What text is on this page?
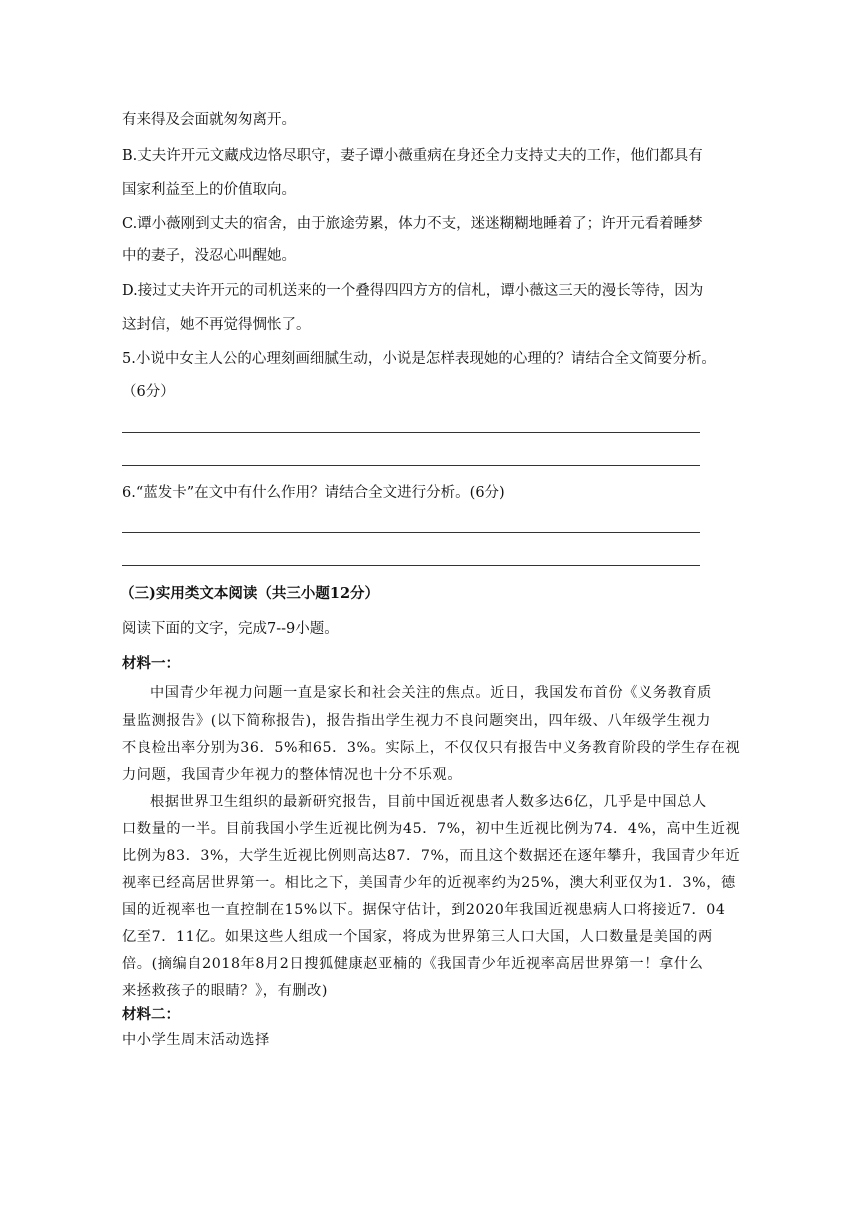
有来得及会面就匆匆离开。
B.丈夫许开元文藏戍边恪尽职守，妻子谭小薇重病在身还全力支持丈夫的工作，他们都具有
国家利益至上的价值取向。
C.谭小薇刚到丈夫的宿舍，由于旅途劳累，体力不支，迷迷糊糊地睡着了；许开元看着睡梦
中的妻子，没忍心叫醒她。
D.接过丈夫许开元的司机送来的一个叠得四四方方的信札，谭小薇这三天的漫长等待，因为
这封信，她不再觉得惆怅了。
5.小说中女主人公的心理刻画细腻生动，小说是怎样表现她的心理的？请结合全文简要分析。
（6分）
6.“蓝发卡”在文中有什么作用？请结合全文进行分析。(6分)
（三)实用类文本阅读（共三小题12分）
阅读下面的文字，完成7--9小题。
材料一：
中国青少年视力问题一直是家长和社会关注的焦点。近日，我国发布首份《义务教育质
量监测报告》(以下简称报告)，报告指出学生视力不良问题突出，四年级、八年级学生视力
不良检出率分别为36．5%和65．3%。实际上，不仅仅只有报告中义务教育阶段的学生存在视
力问题，我国青少年视力的整体情况也十分不乐观。
根据世界卫生组织的最新研究报告，目前中国近视患者人数多达6亿，几乎是中国总人
口数量的一半。目前我国小学生近视比例为45．7%，初中生近视比例为74．4%，高中生近视
比例为83．3%，大学生近视比例则高达87．7%，而且这个数据还在逐年攀升，我国青少年近
视率已经高居世界第一。相比之下，美国青少年的近视率约为25%，澳大利亚仅为1．3%，德
国的近视率也一直控制在15%以下。据保守估计，到2020年我国近视患病人口将接近7．04
亿至7．11亿。如果这些人组成一个国家，将成为世界第三人口大国，人口数量是美国的两
倍。(摘编自2018年8月2日搜狐健康赵亚楠的《我国青少年近视率高居世界第一！拿什么
来拯救孩子的眼睛？》，有删改)
材料二：
中小学生周末活动选择
